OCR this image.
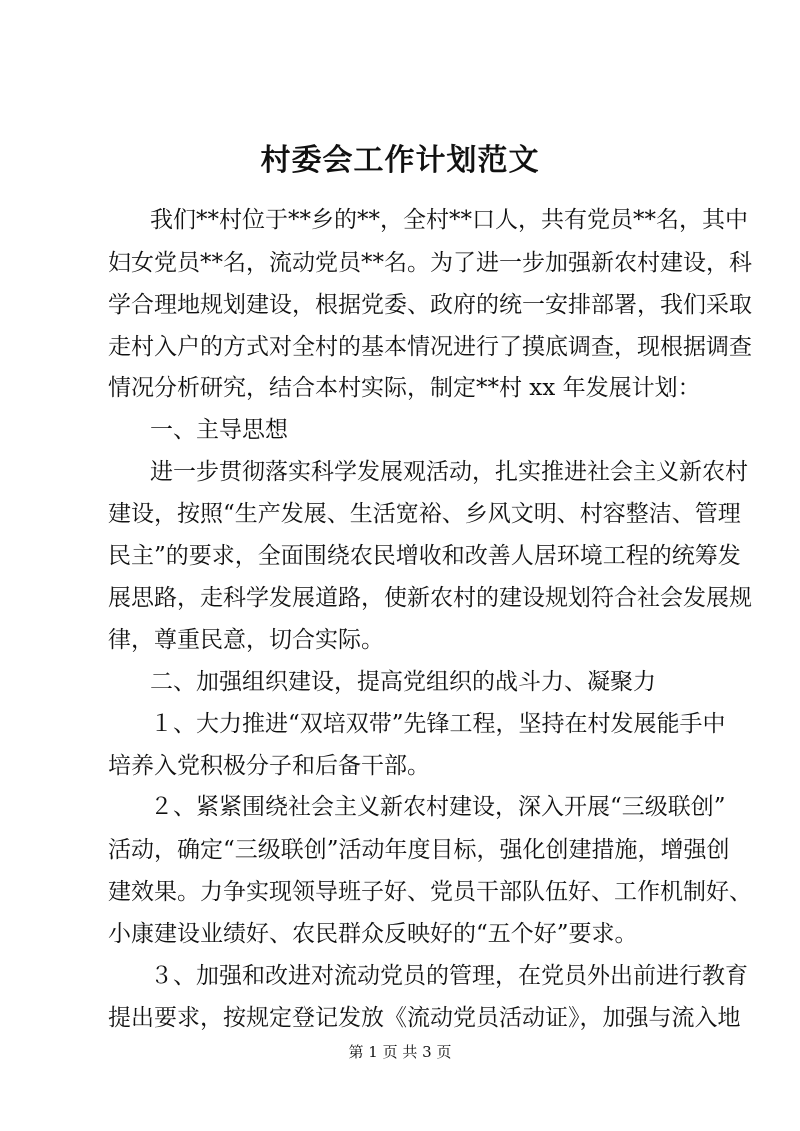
村委会工作计划范文
我们**村位于**乡的**，全村**口人，共有党员**名，其中
妇女党员**名，流动党员**名。为了进一步加强新农村建设，科
学合理地规划建设，根据党委、政府的统一安排部署，我们采取
走村入户的方式对全村的基本情况进行了摸底调查，现根据调查
情况分析研究，结合本村实际，制定**村 xx 年发展计划：
一、主导思想
进一步贯彻落实科学发展观活动，扎实推进社会主义新农村
建设，按照“生产发展、生活宽裕、乡风文明、村容整洁、管理
民主”的要求，全面围绕农民增收和改善人居环境工程的统筹发
展思路，走科学发展道路，使新农村的建设规划符合社会发展规
律，尊重民意，切合实际。
二、加强组织建设，提高党组织的战斗力、凝聚力
１、大力推进“双培双带”先锋工程，坚持在村发展能手中
培养入党积极分子和后备干部。
２、紧紧围绕社会主义新农村建设，深入开展“三级联创”
活动，确定“三级联创”活动年度目标，强化创建措施，增强创
建效果。力争实现领导班子好、党员干部队伍好、工作机制好、
小康建设业绩好、农民群众反映好的“五个好”要求。
３、加强和改进对流动党员的管理，在党员外出前进行教育
提出要求，按规定登记发放《流动党员活动证》，加强与流入地
第 1 页 共 3 页
